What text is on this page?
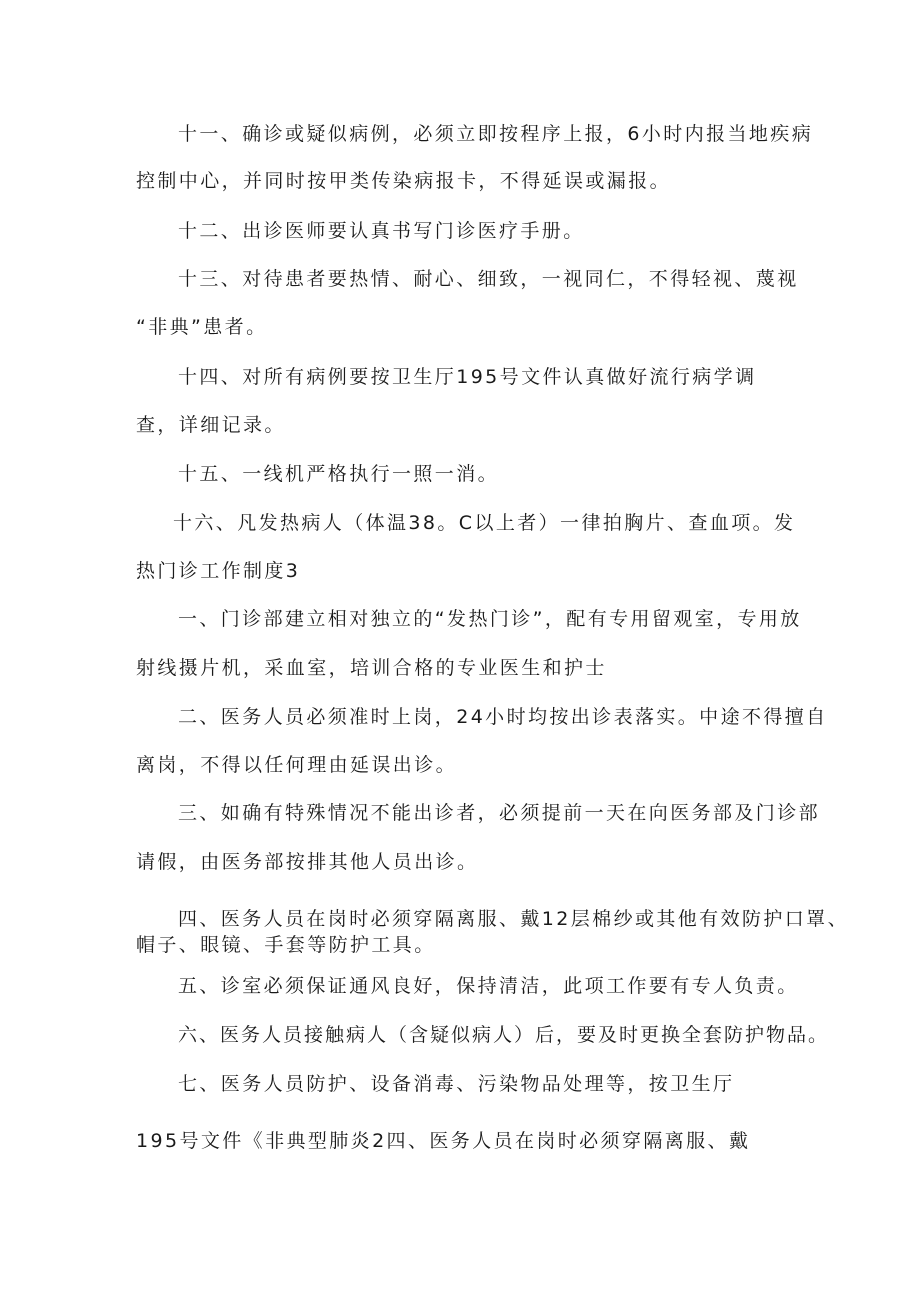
十一、确诊或疑似病例，必须立即按程序上报，6小时内报当地疾病
控制中心，并同时按甲类传染病报卡，不得延误或漏报。
十二、出诊医师要认真书写门诊医疗手册。
十三、对待患者要热情、耐心、细致，一视同仁，不得轻视、蔑视
“非典”患者。
十四、对所有病例要按卫生厅195号文件认真做好流行病学调
查，详细记录。
十五、一线机严格执行一照一消。
十六、凡发热病人（体温38。C以上者）一律拍胸片、查血项。发
热门诊工作制度3
一、门诊部建立相对独立的“发热门诊”，配有专用留观室，专用放
射线摄片机，采血室，培训合格的专业医生和护士
二、医务人员必须准时上岗，24小时均按出诊表落实。中途不得擅自
离岗，不得以任何理由延误出诊。
三、如确有特殊情况不能出诊者，必须提前一天在向医务部及门诊部
请假，由医务部按排其他人员出诊。
四、医务人员在岗时必须穿隔离服、戴12层棉纱或其他有效防护口罩、
帽子、眼镜、手套等防护工具。
五、诊室必须保证通风良好，保持清洁，此项工作要有专人负责。
六、医务人员接触病人（含疑似病人）后，要及时更换全套防护物品。
七、医务人员防护、设备消毒、污染物品处理等，按卫生厅
195号文件《非典型肺炎2四、医务人员在岗时必须穿隔离服、戴
